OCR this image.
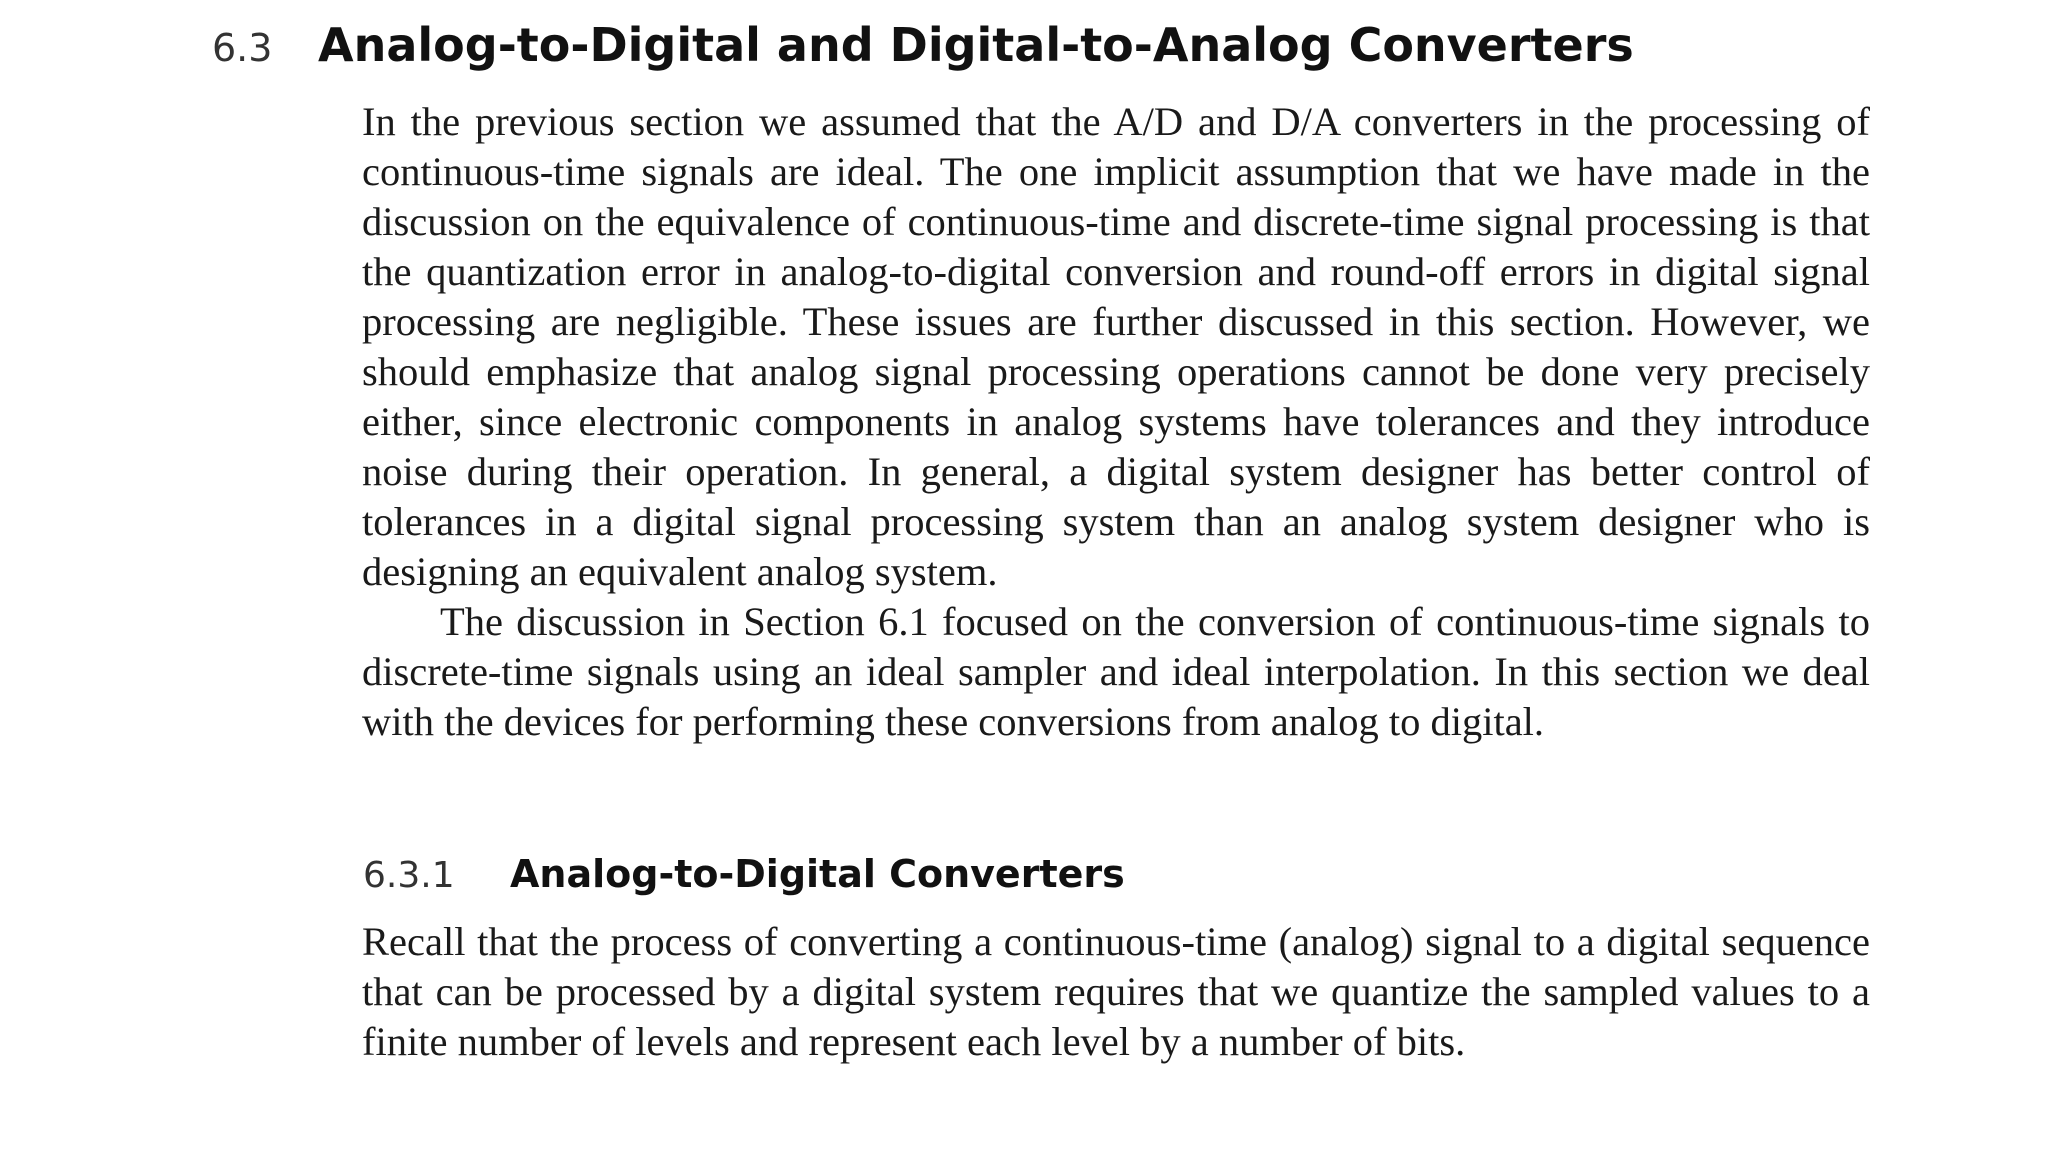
6.3 Analog-to-Digital and Digital-to-Analog Converters

In the previous section we assumed that the A/D and D/A converters in the processing of continuous-time signals are ideal. The one implicit assumption that we have made in the discussion on the equivalence of continuous-time and discrete-time signal processing is that the quantization error in analog-to-digital conversion and round-off errors in digital signal processing are negligible. These issues are further discussed in this section. However, we should emphasize that analog signal processing operations cannot be done very precisely either, since electronic components in analog systems have tolerances and they introduce noise during their operation. In general, a digital system designer has better control of tolerances in a digital signal processing system than an analog system designer who is designing an equivalent analog system.

The discussion in Section 6.1 focused on the conversion of continuous-time signals to discrete-time signals using an ideal sampler and ideal interpolation. In this section we deal with the devices for performing these conversions from analog to digital.

6.3.1	Analog-to-Digital Converters

Recall that the process of converting a continuous-time (analog) signal to a digital sequence that can be processed by a digital system requires that we quantize the sampled values to a finite number of levels and represent each level by a number of bits.
